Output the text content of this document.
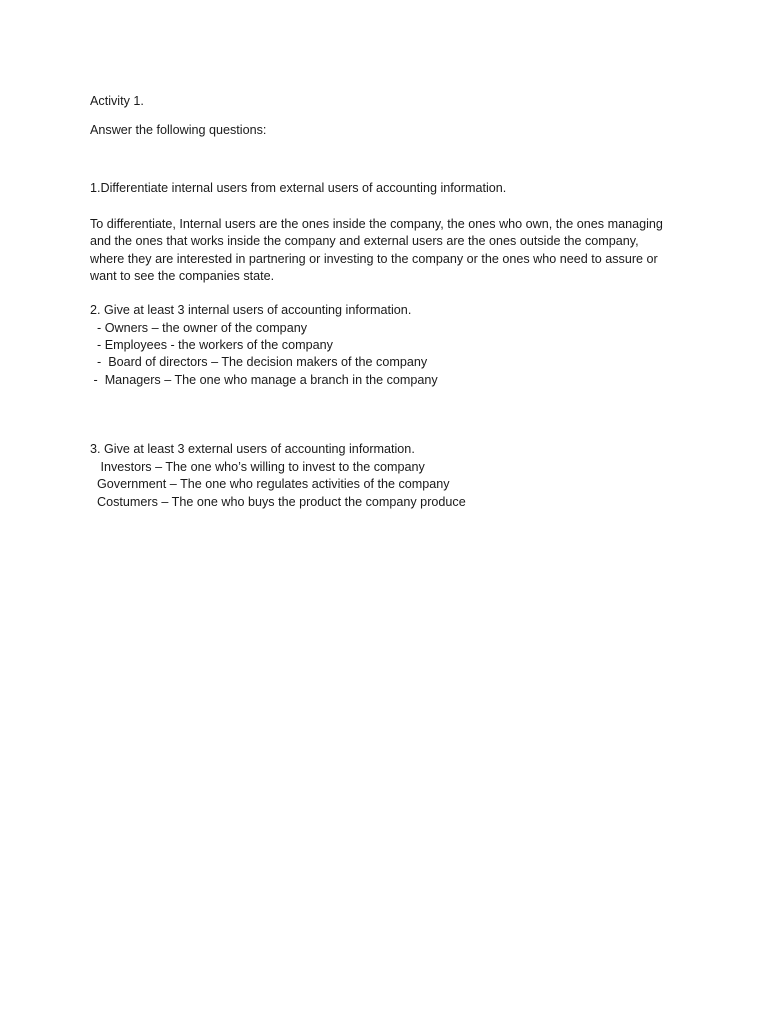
Activity 1.

Answer the following questions:

1.Differentiate internal users from external users of accounting information.

To differentiate, Internal users are the ones inside the company, the ones who own, the ones managing
and the ones that works inside the company and external users are the ones outside the company,
where they are interested in partnering or investing to the company or the ones who need to assure or
want to see the companies state.

2. Give at least 3 internal users of accounting information.

- Owners – the owner of the company

- Employees - the workers of the company

-  Board of directors – The decision makers of the company

-  Managers – The one who manage a branch in the company

3. Give at least 3 external users of accounting information.

Investors – The one who’s willing to invest to the company

Government – The one who regulates activities of the company

Costumers – The one who buys the product the company produce
